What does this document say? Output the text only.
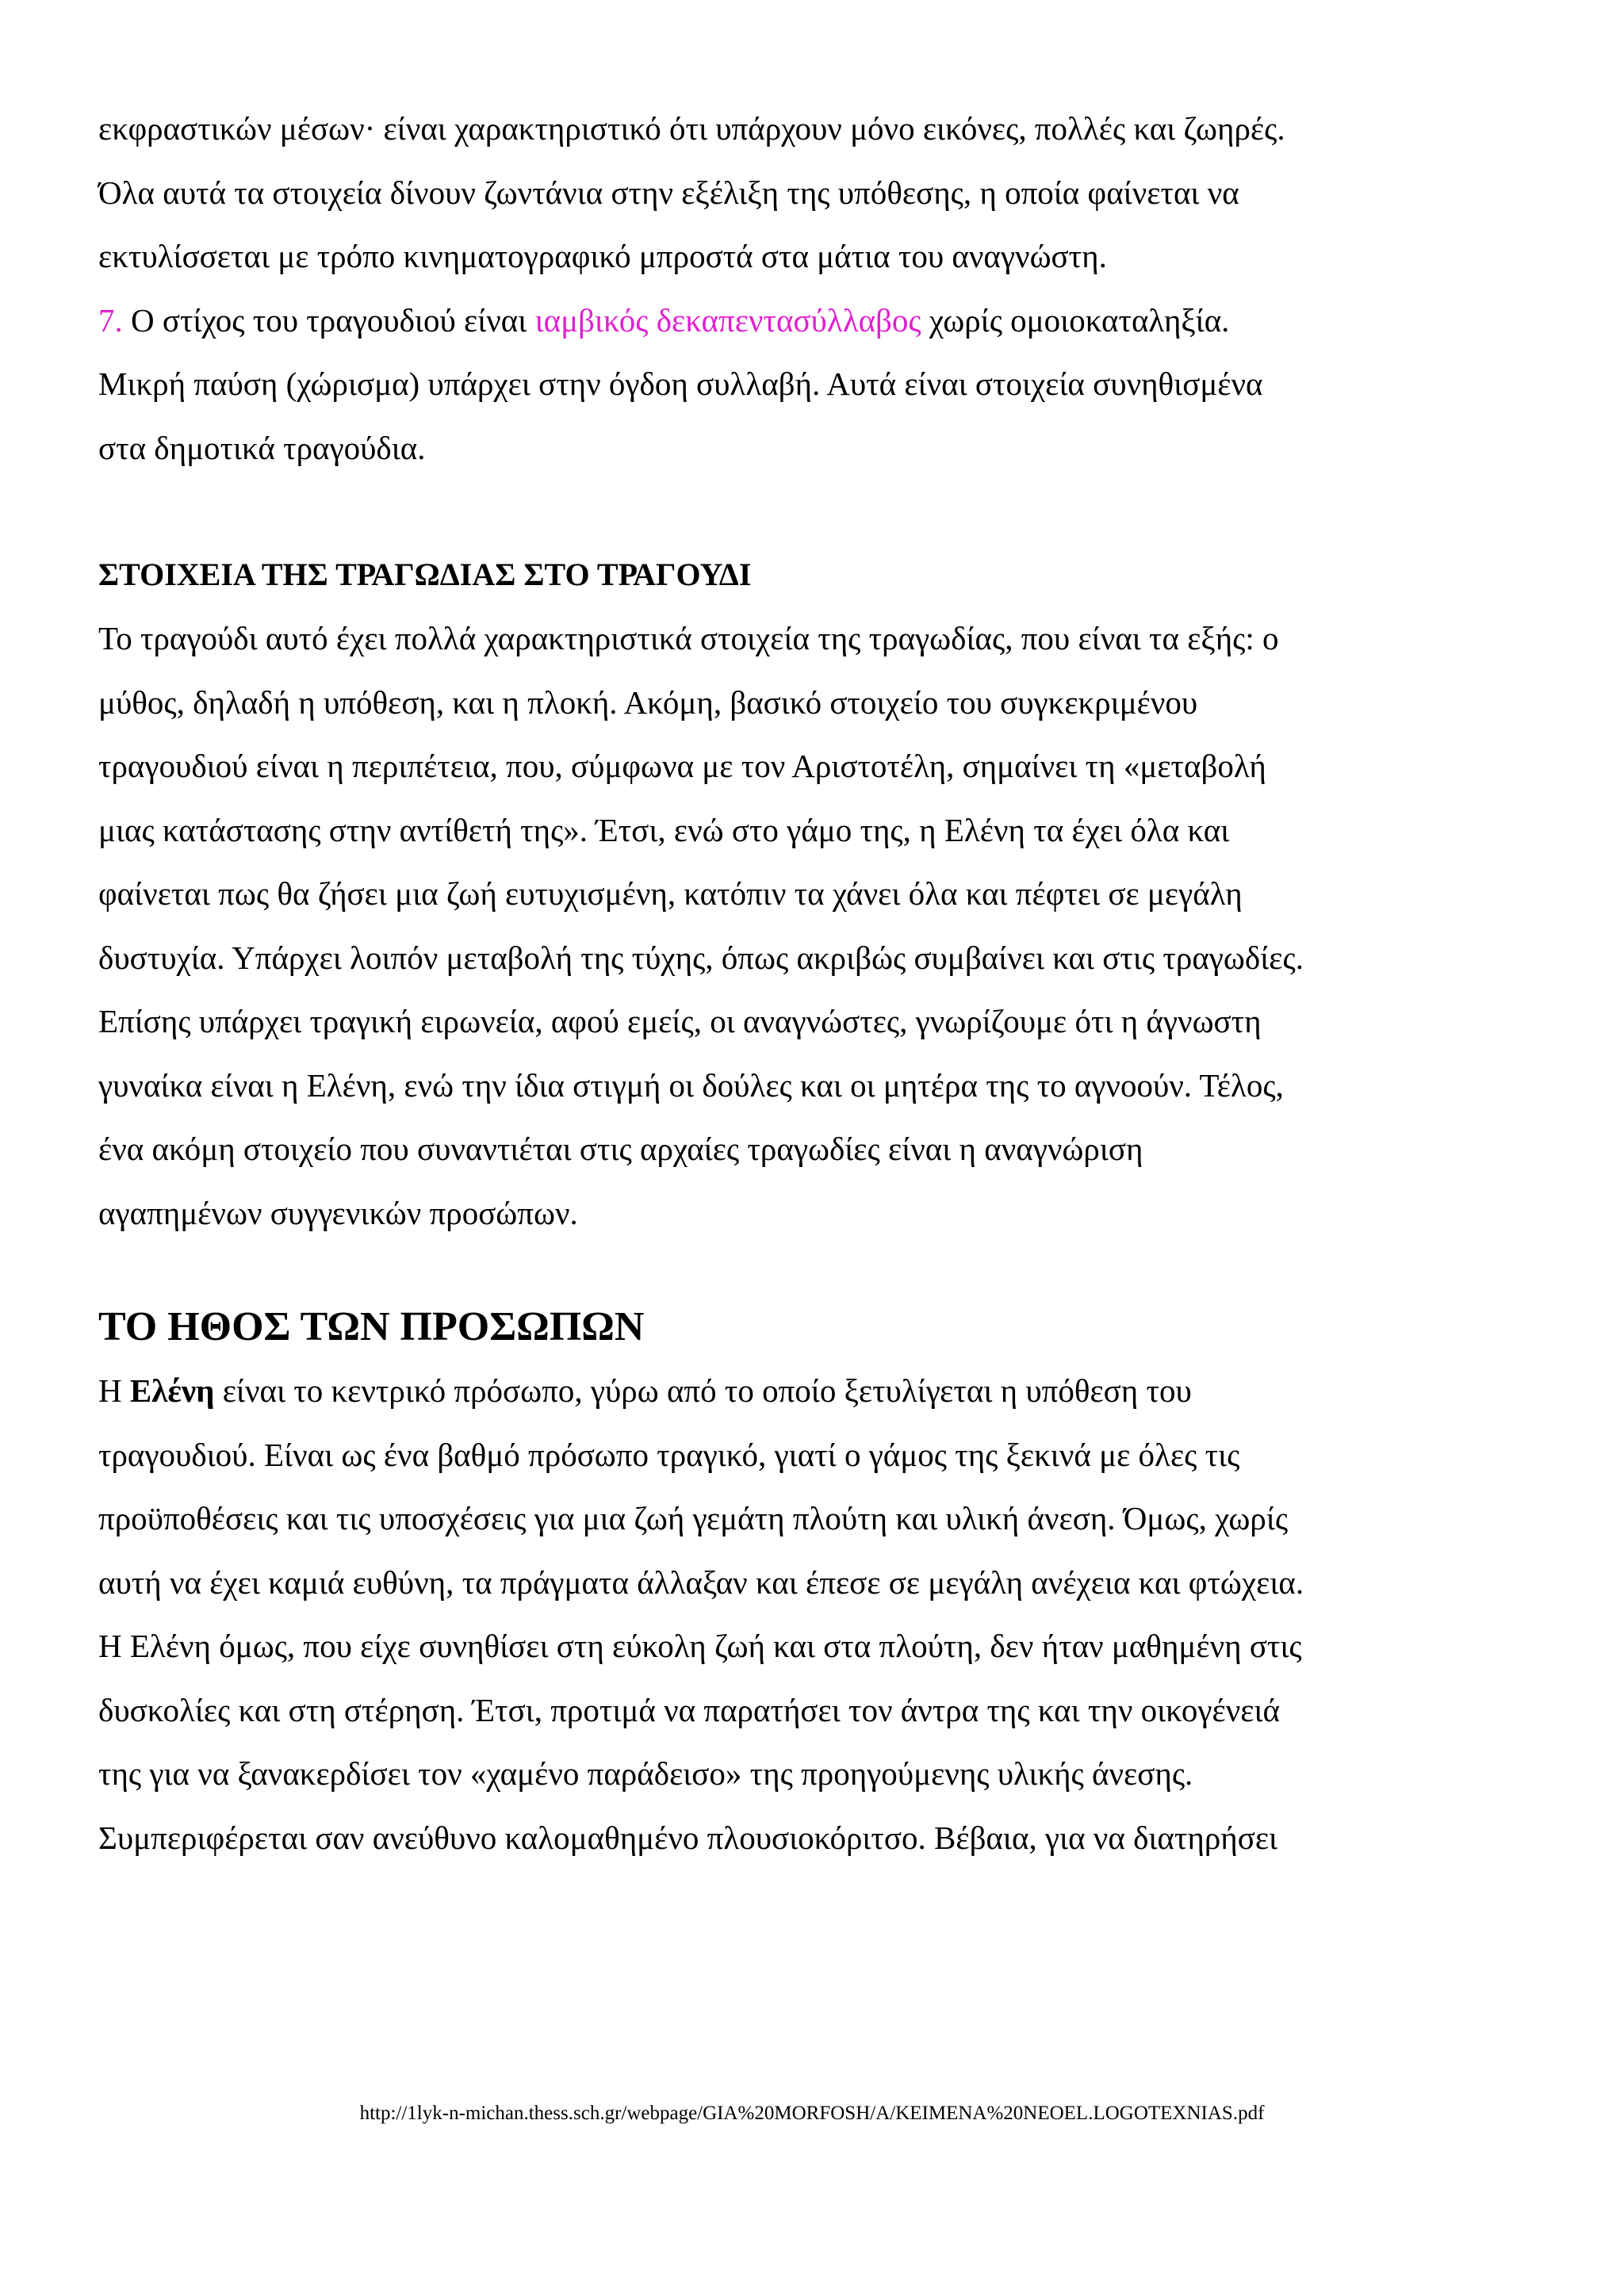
εκφραστικών μέσων· είναι χαρακτηριστικό ότι υπάρχουν μόνο εικόνες, πολλές και ζωηρές.

Όλα αυτά τα στοιχεία δίνουν ζωντάνια στην εξέλιξη της υπόθεσης, η οποία φαίνεται να

εκτυλίσσεται με τρόπο κινηματογραφικό μπροστά στα μάτια του αναγνώστη.

7. Ο στίχος του τραγουδιού είναι ιαμβικός δεκαπεντασύλλαβος χωρίς ομοιοκαταληξία.

Μικρή παύση (χώρισμα) υπάρχει στην όγδοη συλλαβή. Αυτά είναι στοιχεία συνηθισμένα

στα δημοτικά τραγούδια.

ΣΤΟΙΧΕΙΑ ΤΗΣ ΤΡΑΓΩΔΙΑΣ ΣΤΟ ΤΡΑΓΟΥΔΙ

Το τραγούδι αυτό έχει πολλά χαρακτηριστικά στοιχεία της τραγωδίας, που είναι τα εξής: ο

μύθος, δηλαδή η υπόθεση, και η πλοκή. Ακόμη, βασικό στοιχείο του συγκεκριμένου

τραγουδιού είναι η περιπέτεια, που, σύμφωνα με τον Αριστοτέλη, σημαίνει τη «μεταβολή

μιας κατάστασης στην αντίθετή της». Έτσι, ενώ στο γάμο της, η Ελένη τα έχει όλα και

φαίνεται πως θα ζήσει μια ζωή ευτυχισμένη, κατόπιν τα χάνει όλα και πέφτει σε μεγάλη

δυστυχία. Υπάρχει λοιπόν μεταβολή της τύχης, όπως ακριβώς συμβαίνει και στις τραγωδίες.

Επίσης υπάρχει τραγική ειρωνεία, αφού εμείς, οι αναγνώστες, γνωρίζουμε ότι η άγνωστη

γυναίκα είναι η Ελένη, ενώ την ίδια στιγμή οι δούλες και οι μητέρα της το αγνοούν. Τέλος,

ένα ακόμη στοιχείο που συναντιέται στις αρχαίες τραγωδίες είναι η αναγνώριση

αγαπημένων συγγενικών προσώπων.

ΤΟ ΗΘΟΣ ΤΩΝ ΠΡΟΣΩΠΩΝ

Η Ελένη είναι το κεντρικό πρόσωπο, γύρω από το οποίο ξετυλίγεται η υπόθεση του

τραγουδιού. Είναι ως ένα βαθμό πρόσωπο τραγικό, γιατί ο γάμος της ξεκινά με όλες τις

προϋποθέσεις και τις υποσχέσεις για μια ζωή γεμάτη πλούτη και υλική άνεση. Όμως, χωρίς

αυτή να έχει καμιά ευθύνη, τα πράγματα άλλαξαν και έπεσε σε μεγάλη ανέχεια και φτώχεια.

Η Ελένη όμως, που είχε συνηθίσει στη εύκολη ζωή και στα πλούτη, δεν ήταν μαθημένη στις

δυσκολίες και στη στέρηση. Έτσι, προτιμά να παρατήσει τον άντρα της και την οικογένειά

της για να ξανακερδίσει τον «χαμένο παράδεισο» της προηγούμενης υλικής άνεσης.

Συμπεριφέρεται σαν ανεύθυνο καλομαθημένο πλουσιοκόριτσο. Βέβαια, για να διατηρήσει

http://1lyk-n-michan.thess.sch.gr/webpage/GIA%20MORFOSH/A/KEIMENA%20NEOEL.LOGOTEXNIAS.pdf
